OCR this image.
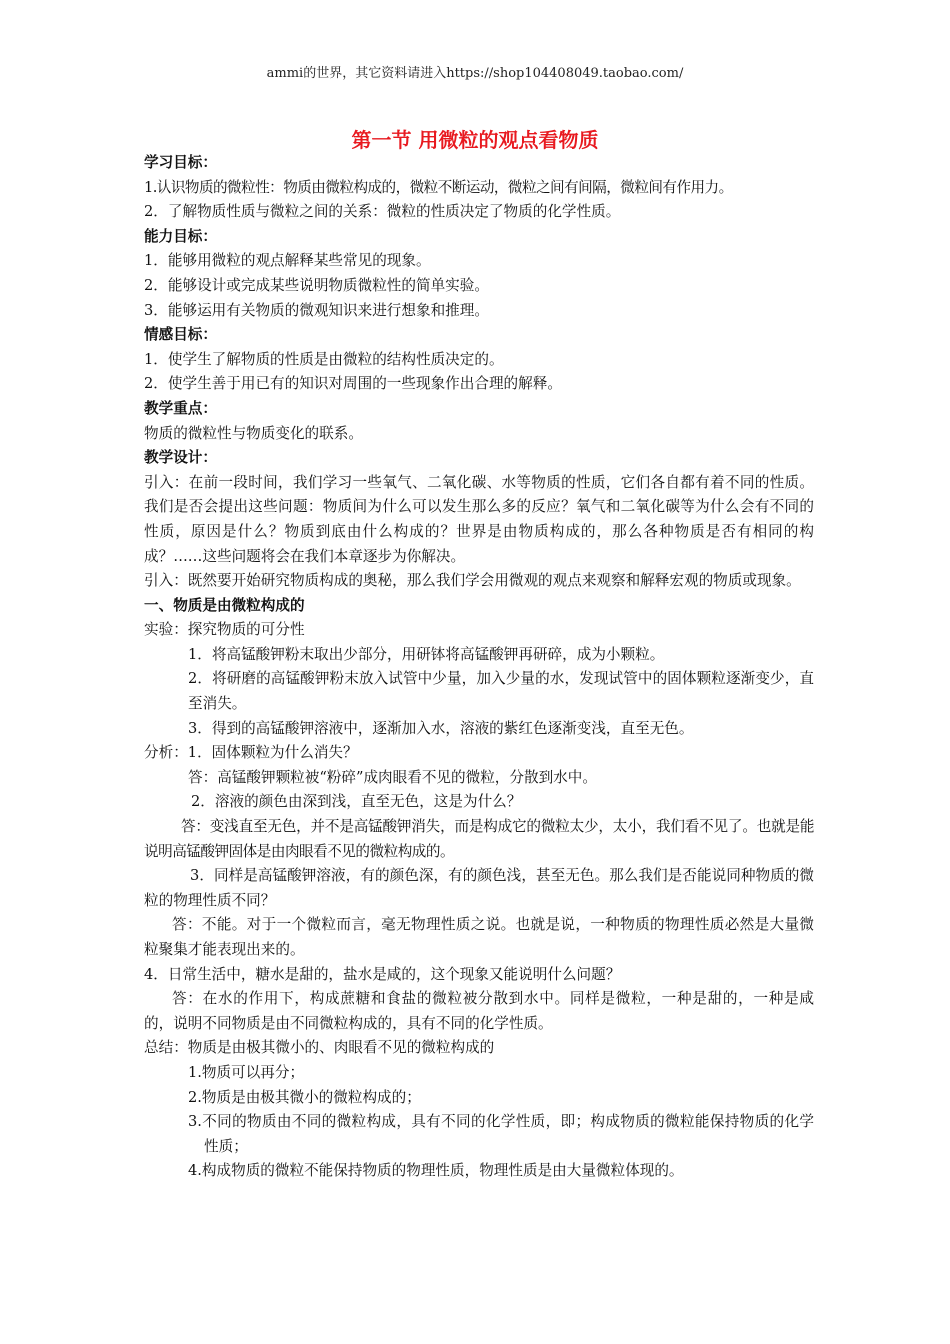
ammi的世界，其它资料请进入https://shop104408049.taobao.com/
第一节 用微粒的观点看物质

学习目标：

1.认识物质的微粒性：物质由微粒构成的，微粒不断运动，微粒之间有间隔，微粒间有作用力。

2．了解物质性质与微粒之间的关系：微粒的性质决定了物质的化学性质。

能力目标：

1．能够用微粒的观点解释某些常见的现象。

2．能够设计或完成某些说明物质微粒性的简单实验。

3．能够运用有关物质的微观知识来进行想象和推理。

情感目标：

1．使学生了解物质的性质是由微粒的结构性质决定的。

2．使学生善于用已有的知识对周围的一些现象作出合理的解释。

教学重点：

物质的微粒性与物质变化的联系。

教学设计：

引入：在前一段时间，我们学习一些氧气、二氧化碳、水等物质的性质，它们各自都有着不同的性质。我们是否会提出这些问题：物质间为什么可以发生那么多的反应？氧气和二氧化碳等为什么会有不同的性质，原因是什么？物质到底由什么构成的？世界是由物质构成的，那么各种物质是否有相同的构成？……这些问题将会在我们本章逐步为你解决。

引入：既然要开始研究物质构成的奥秘，那么我们学会用微观的观点来观察和解释宏观的物质或现象。

一、物质是由微粒构成的

实验：探究物质的可分性

1．将高锰酸钾粉末取出少部分，用研钵将高锰酸钾再研碎，成为小颗粒。

2．将研磨的高锰酸钾粉末放入试管中少量，加入少量的水，发现试管中的固体颗粒逐渐变少，直至消失。

3．得到的高锰酸钾溶液中，逐渐加入水，溶液的紫红色逐渐变浅，直至无色。

分析：1．固体颗粒为什么消失？

答：高锰酸钾颗粒被“粉碎”成肉眼看不见的微粒，分散到水中。

2．溶液的颜色由深到浅，直至无色，这是为什么？

答：变浅直至无色，并不是高锰酸钾消失，而是构成它的微粒太少，太小，我们看不见了。也就是能说明高锰酸钾固体是由肉眼看不见的微粒构成的。

3．同样是高锰酸钾溶液，有的颜色深，有的颜色浅，甚至无色。那么我们是否能说同种物质的微粒的物理性质不同？

答：不能。对于一个微粒而言，毫无物理性质之说。也就是说，一种物质的物理性质必然是大量微粒聚集才能表现出来的。

4．日常生活中，糖水是甜的，盐水是咸的，这个现象又能说明什么问题？

答：在水的作用下，构成蔗糖和食盐的微粒被分散到水中。同样是微粒，一种是甜的，一种是咸的，说明不同物质是由不同微粒构成的，具有不同的化学性质。

总结：物质是由极其微小的、肉眼看不见的微粒构成的

1.物质可以再分；

2.物质是由极其微小的微粒构成的；

3.不同的物质由不同的微粒构成，具有不同的化学性质，即；构成物质的微粒能保持物质的化学性质；

4.构成物质的微粒不能保持物质的物理性质，物理性质是由大量微粒体现的。
